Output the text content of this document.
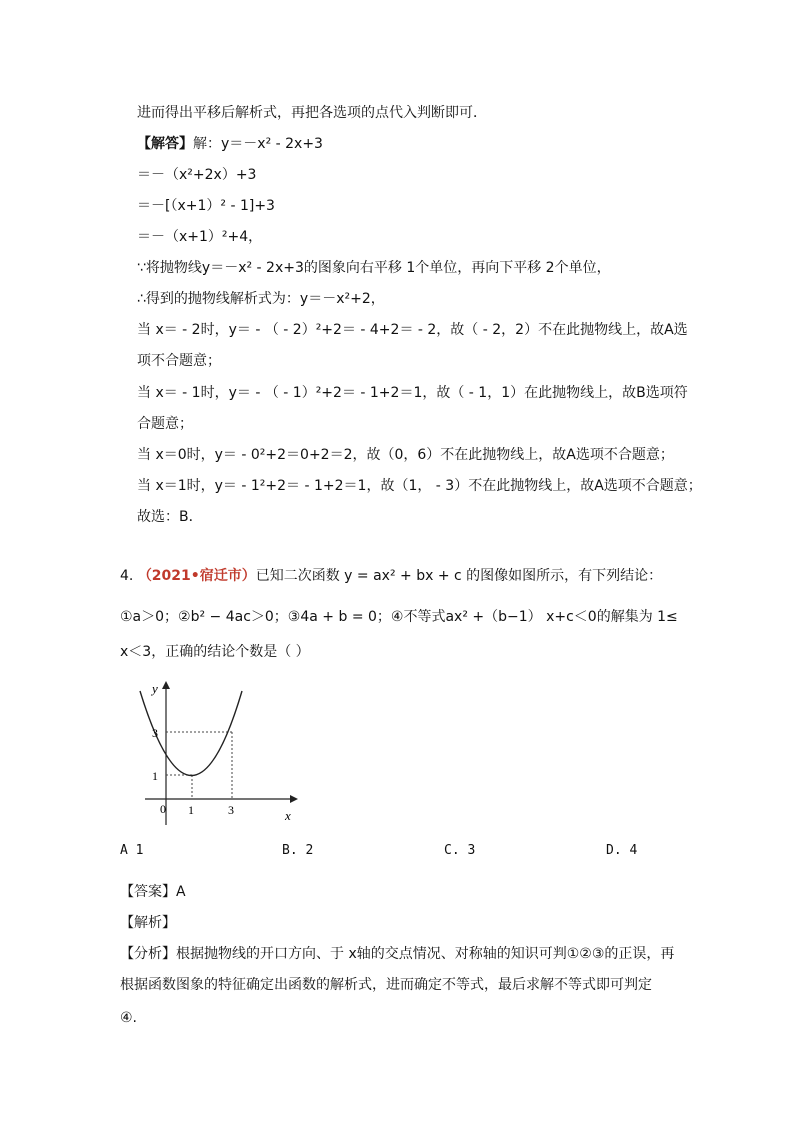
进而得出平移后解析式，再把各选项的点代入判断即可．
【解答】解：y＝－x² - 2x+3
＝－（x²+2x）+3
＝－[（x+1）² - 1]+3
＝－（x+1）²+4，
∵将抛物线y＝－x² - 2x+3的图象向右平移 1个单位，再向下平移 2个单位，
∴得到的抛物线解析式为：y＝－x²+2，
当 x＝ - 2时，y＝ - （ - 2）²+2＝ - 4+2＝ - 2，故（ - 2，2）不在此抛物线上，故A选
项不合题意；
当 x＝ - 1时，y＝ - （ - 1）²+2＝ - 1+2＝1，故（ - 1，1）在此抛物线上，故B选项符
合题意；
当 x＝0时，y＝ - 0²+2＝0+2＝2，故（0，6）不在此抛物线上，故A选项不合题意；
当 x＝1时，y＝ - 1²+2＝ - 1+2＝1，故（1， - 3）不在此抛物线上，故A选项不合题意；
故选：B．
4. （2021•宿迁市）已知二次函数 y = ax² + bx + c 的图像如图所示，有下列结论：
①a＞0；②b² − 4ac＞0；③4a + b = 0；④不等式ax² +（b−1） x+c＜0的解集为 1≤
x＜3，正确的结论个数是（ ）
y
x
0 1	3
1
3
A 1	B. 2	C. 3	D. 4
【答案】A
【解析】
【分析】根据抛物线的开口方向、于 x轴的交点情况、对称轴的知识可判①②③的正误，再
根据函数图象的特征确定出函数的解析式，进而确定不等式，最后求解不等式即可判定
④.
